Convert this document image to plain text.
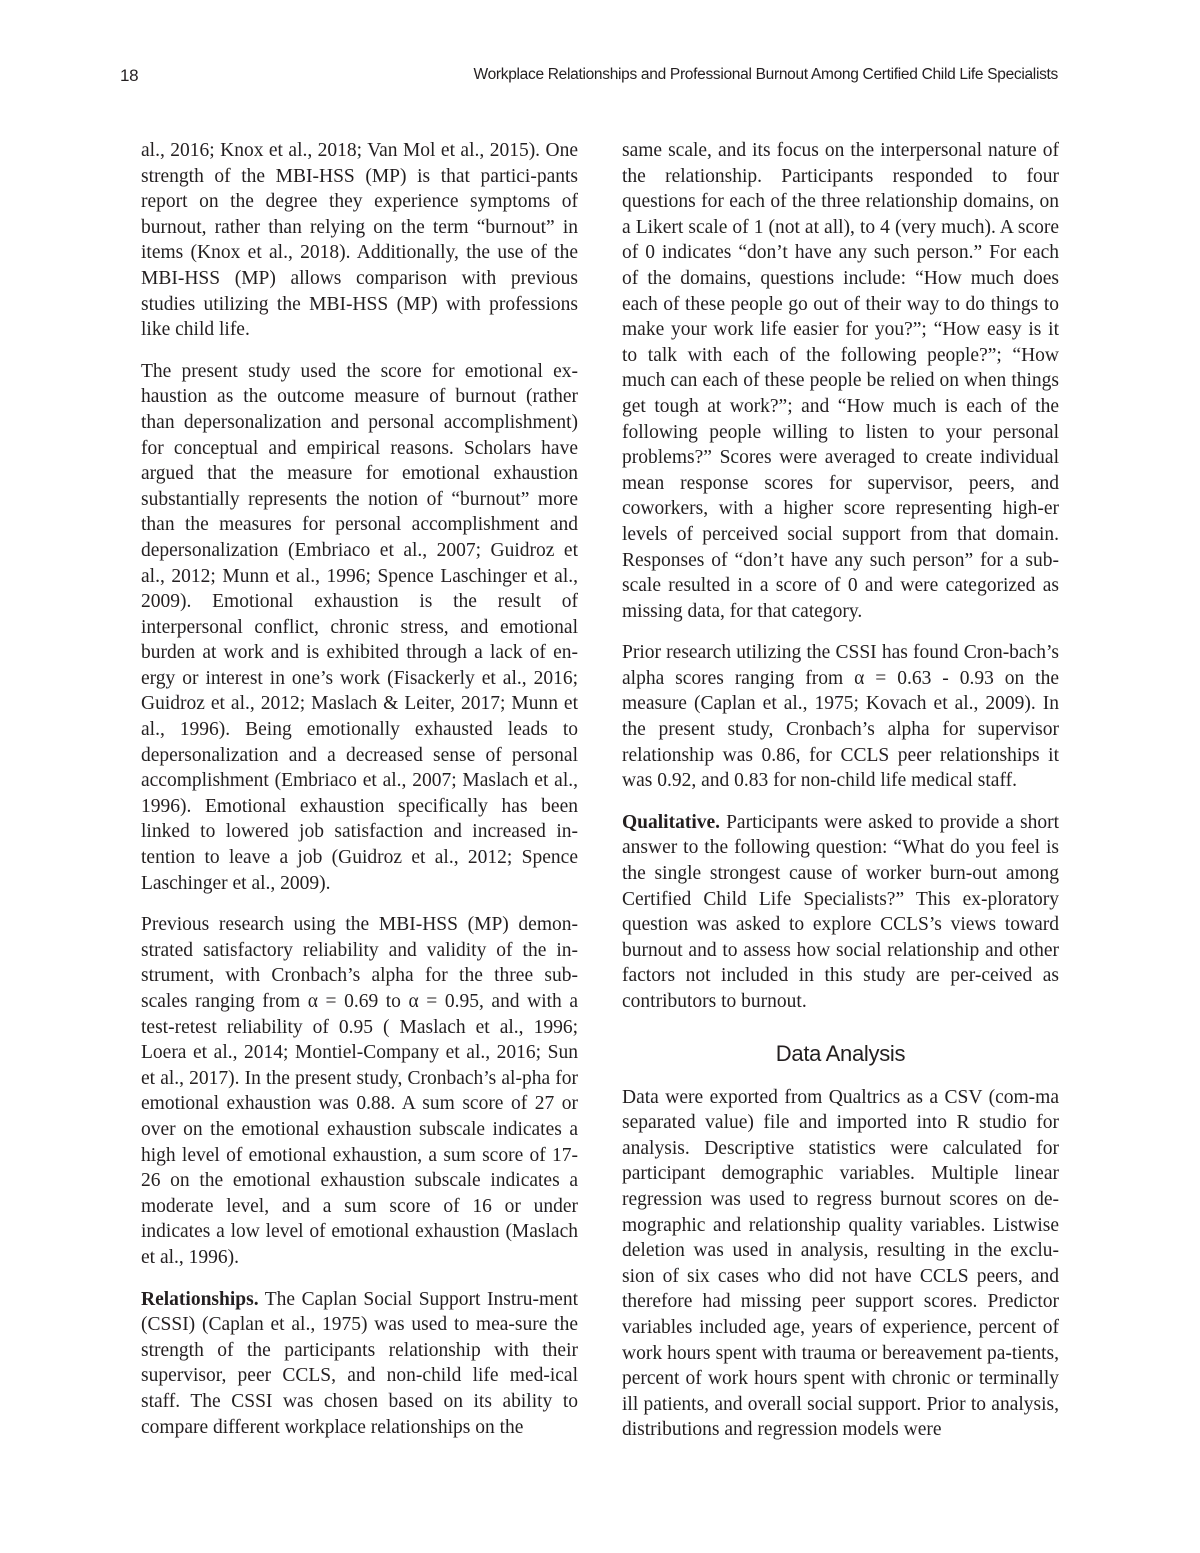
18	Workplace Relationships and Professional Burnout Among Certified Child Life Specialists

al., 2016; Knox et al., 2018; Van Mol et al., 2015). One strength of the MBI-HSS (MP) is that partici-pants report on the degree they experience symptoms of burnout, rather than relying on the term “burnout” in items (Knox et al., 2018). Additionally, the use of the MBI-HSS (MP) allows comparison with previous studies utilizing the MBI-HSS (MP) with professions like child life.

The present study used the score for emotional ex-haustion as the outcome measure of burnout (rather than depersonalization and personal accomplishment) for conceptual and empirical reasons. Scholars have argued that the measure for emotional exhaustion substantially represents the notion of “burnout” more than the measures for personal accomplishment and depersonalization (Embriaco et al., 2007; Guidroz et al., 2012; Munn et al., 1996; Spence Laschinger et al., 2009). Emotional exhaustion is the result of interpersonal conflict, chronic stress, and emotional burden at work and is exhibited through a lack of en-ergy or interest in one’s work (Fisackerly et al., 2016; Guidroz et al., 2012; Maslach & Leiter, 2017; Munn et al., 1996). Being emotionally exhausted leads to depersonalization and a decreased sense of personal accomplishment (Embriaco et al., 2007; Maslach et al., 1996). Emotional exhaustion specifically has been linked to lowered job satisfaction and increased in-tention to leave a job (Guidroz et al., 2012; Spence Laschinger et al., 2009).

Previous research using the MBI-HSS (MP) demon-strated satisfactory reliability and validity of the in-strument, with Cronbach’s alpha for the three sub-scales ranging from α = 0.69 to α = 0.95, and with a test-retest reliability of 0.95 ( Maslach et al., 1996; Loera et al., 2014; Montiel-Company et al., 2016; Sun et al., 2017). In the present study, Cronbach’s al-pha for emotional exhaustion was 0.88. A sum score of 27 or over on the emotional exhaustion subscale indicates a high level of emotional exhaustion, a sum score of 17-26 on the emotional exhaustion subscale indicates a moderate level, and a sum score of 16 or under indicates a low level of emotional exhaustion (Maslach et al., 1996).

Relationships. The Caplan Social Support Instru-ment (CSSI) (Caplan et al., 1975) was used to mea-sure the strength of the participants relationship with their supervisor, peer CCLS, and non-child life med-ical staff. The CSSI was chosen based on its ability to compare different workplace relationships on the

same scale, and its focus on the interpersonal nature of the relationship. Participants responded to four questions for each of the three relationship domains, on a Likert scale of 1 (not at all), to 4 (very much). A score of 0 indicates “don’t have any such person.” For each of the domains, questions include: “How much does each of these people go out of their way to do things to make your work life easier for you?”; “How easy is it to talk with each of the following people?”; “How much can each of these people be relied on when things get tough at work?”; and “How much is each of the following people willing to listen to your personal problems?” Scores were averaged to create individual mean response scores for supervisor, peers, and coworkers, with a higher score representing high-er levels of perceived social support from that domain. Responses of “don’t have any such person” for a sub-scale resulted in a score of 0 and were categorized as missing data, for that category.

Prior research utilizing the CSSI has found Cron-bach’s alpha scores ranging from α = 0.63 - 0.93 on the measure (Caplan et al., 1975; Kovach et al., 2009). In the present study, Cronbach’s alpha for supervisor relationship was 0.86, for CCLS peer relationships it was 0.92, and 0.83 for non-child life medical staff.

Qualitative. Participants were asked to provide a short answer to the following question: “What do you feel is the single strongest cause of worker burn-out among Certified Child Life Specialists?” This ex-ploratory question was asked to explore CCLS’s views toward burnout and to assess how social relationship and other factors not included in this study are per-ceived as contributors to burnout.

Data Analysis

Data were exported from Qualtrics as a CSV (com-ma separated value) file and imported into R studio for analysis. Descriptive statistics were calculated for participant demographic variables. Multiple linear regression was used to regress burnout scores on de-mographic and relationship quality variables. Listwise deletion was used in analysis, resulting in the exclu-sion of six cases who did not have CCLS peers, and therefore had missing peer support scores. Predictor variables included age, years of experience, percent of work hours spent with trauma or bereavement pa-tients, percent of work hours spent with chronic or terminally ill patients, and overall social support. Prior to analysis, distributions and regression models were
